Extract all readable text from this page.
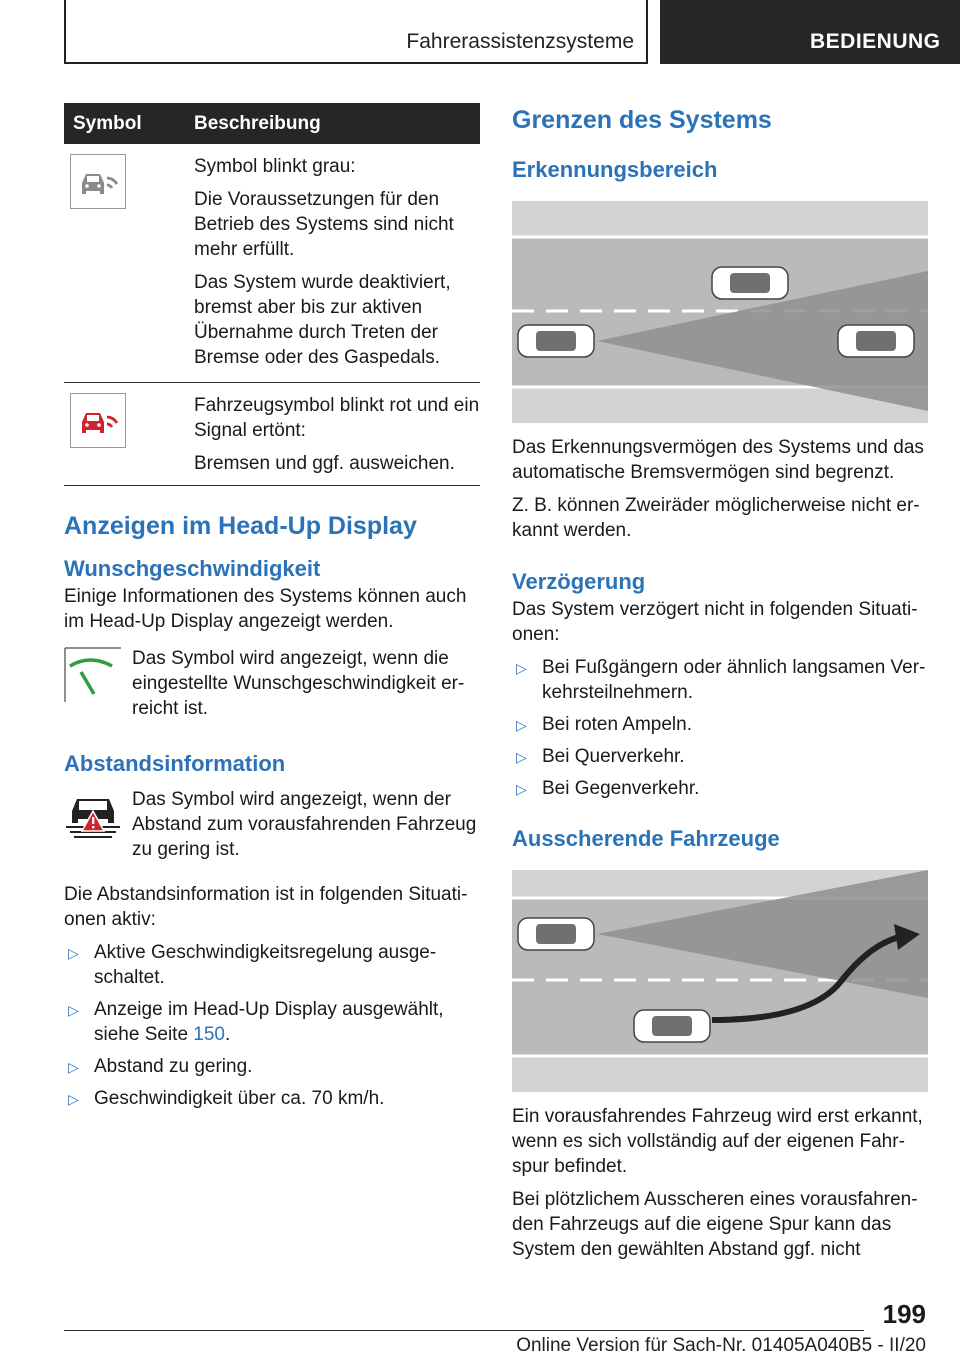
Fahrerassistenzsysteme	BEDIENUNG
Symbol	Beschreibung

Symbol blinkt grau:

Die Voraussetzungen für den Betrieb des Systems sind nicht mehr erfüllt.

Das System wurde deaktiviert, bremst aber bis zur aktiven Übernahme durch Treten der Bremse oder des Gaspedals.

Fahrzeugsymbol blinkt rot und ein Signal ertönt:

Bremsen und ggf. ausweichen.

Anzeigen im Head-Up Display
Wunschgeschwindigkeit

Einige Informationen des Systems können auch im Head-Up Display angezeigt werden.

Das Symbol wird angezeigt, wenn die eingestellte Wunschgeschwindigkeit erreicht ist.

Abstandsinformation

Das Symbol wird angezeigt, wenn der Abstand zum vorausfahrenden Fahrzeug zu gering ist.

Die Abstandsinformation ist in folgenden Situationen aktiv:

▷ Aktive Geschwindigkeitsregelung ausgeschaltet.
▷ Anzeige im Head-Up Display ausgewählt, siehe Seite 150.
▷ Abstand zu gering.
▷ Geschwindigkeit über ca. 70 km/h.
Grenzen des Systems
Erkennungsbereich

Das Erkennungsvermögen des Systems und das automatische Bremsvermögen sind begrenzt.

Z. B. können Zweiräder möglicherweise nicht erkannt werden.

Verzögerung

Das System verzögert nicht in folgenden Situationen:

▷ Bei Fußgängern oder ähnlich langsamen Verkehrsteilnehmern.
▷ Bei roten Ampeln.
▷ Bei Querverkehr.
▷ Bei Gegenverkehr.
Ausscherende Fahrzeuge

Ein vorausfahrendes Fahrzeug wird erst erkannt, wenn es sich vollständig auf der eigenen Fahrspur befindet.

Bei plötzlichem Ausscheren eines vorausfahrenden Fahrzeugs auf die eigene Spur kann das System den gewählten Abstand ggf. nicht

199
Online Version für Sach-Nr. 01405A040B5 - II/20
